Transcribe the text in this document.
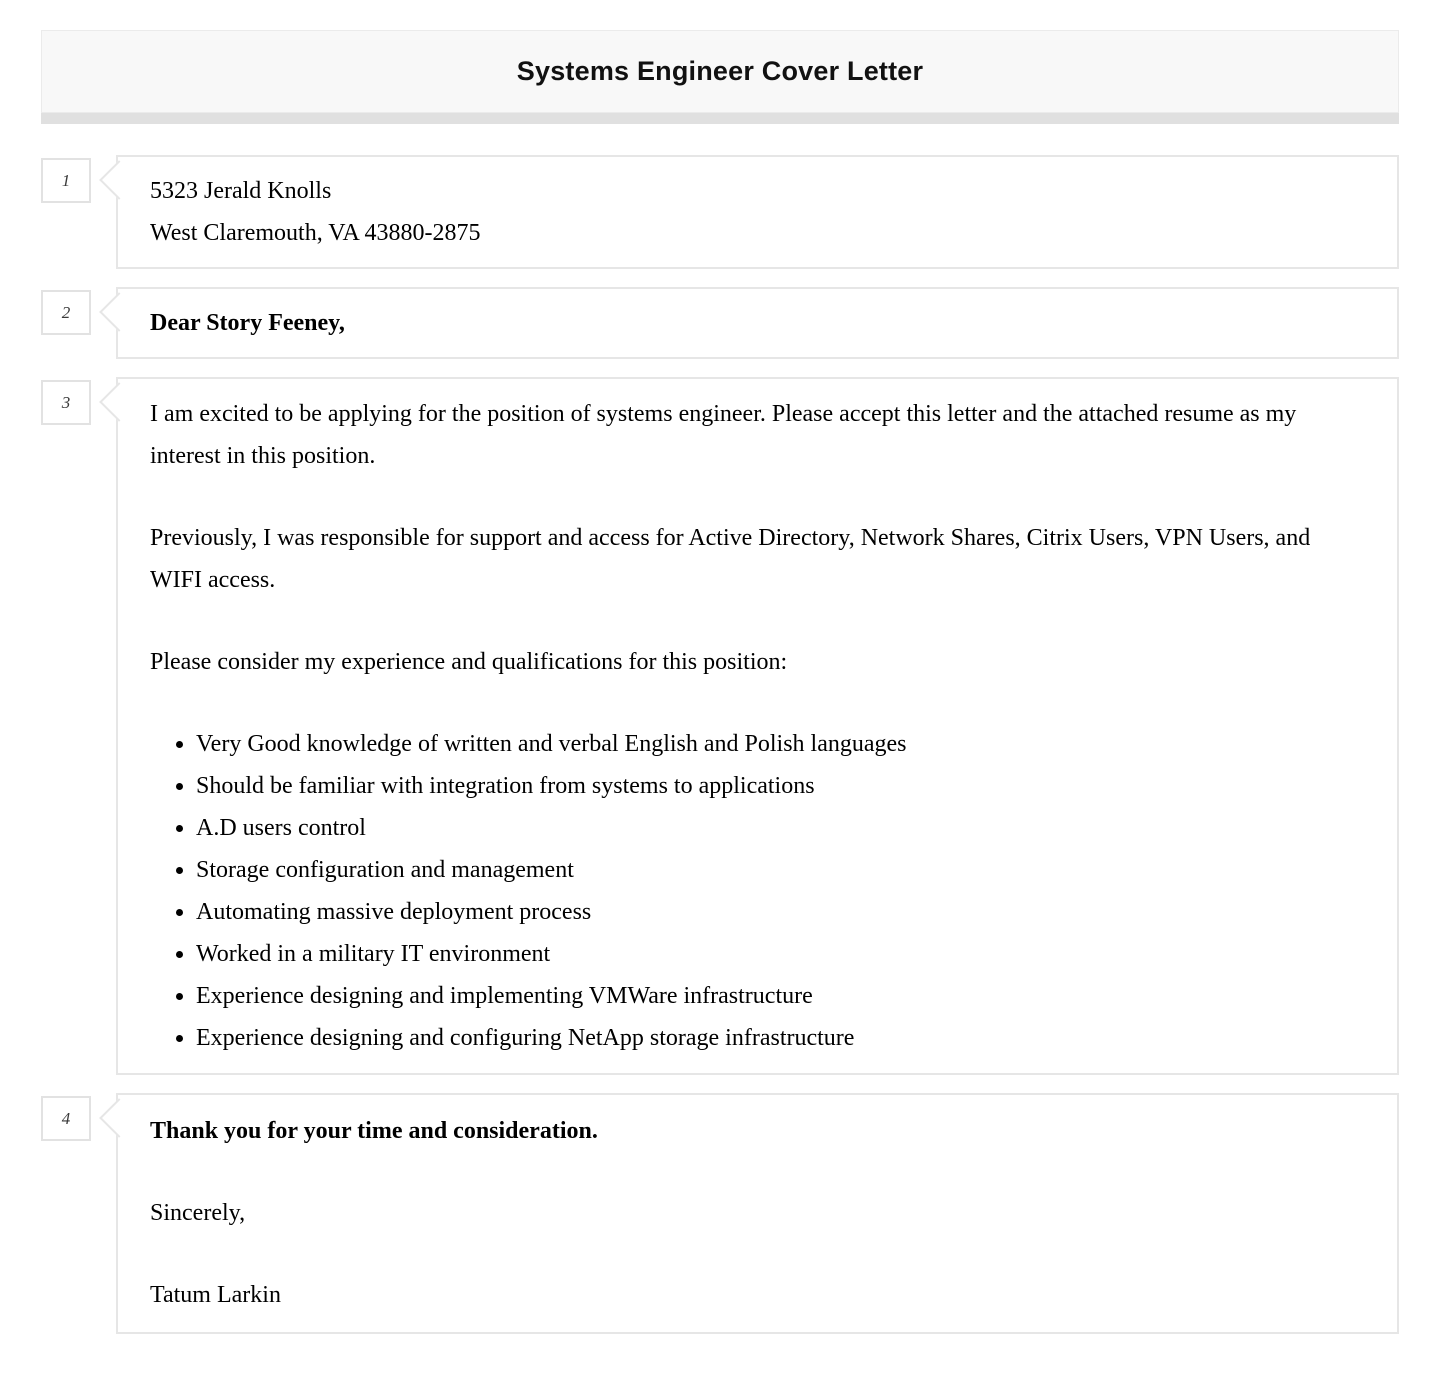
Systems Engineer Cover Letter
1	5323 Jerald Knolls
West Claremouth, VA 43880-2875
2	Dear Story Feeney,
3	I am excited to be applying for the position of systems engineer. Please accept this letter and the attached resume as my interest in this position.

Previously, I was responsible for support and access for Active Directory, Network Shares, Citrix Users, VPN Users, and WIFI access.

Please consider my experience and qualifications for this position:

• Very Good knowledge of written and verbal English and Polish languages
• Should be familiar with integration from systems to applications
• A.D users control
• Storage configuration and management
• Automating massive deployment process
• Worked in a military IT environment
• Experience designing and implementing VMWare infrastructure
• Experience designing and configuring NetApp storage infrastructure
4	Thank you for your time and consideration.

Sincerely,

Tatum Larkin
